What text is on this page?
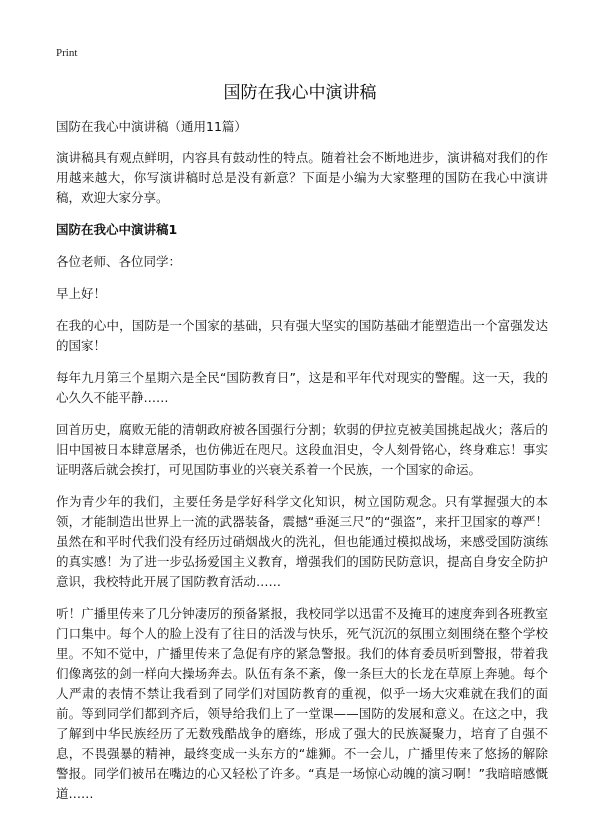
Print
国防在我心中演讲稿

国防在我心中演讲稿（通用11篇）

演讲稿具有观点鲜明，内容具有鼓动性的特点。随着社会不断地进步，演讲稿对我们的作用越来越大，你写演讲稿时总是没有新意？下面是小编为大家整理的国防在我心中演讲稿，欢迎大家分享。

国防在我心中演讲稿1

各位老师、各位同学：

早上好！

在我的心中，国防是一个国家的基础，只有强大坚实的国防基础才能塑造出一个富强发达的国家！

每年九月第三个星期六是全民“国防教育日”，这是和平年代对现实的警醒。这一天，我的心久久不能平静……

回首历史，腐败无能的清朝政府被各国强行分割；软弱的伊拉克被美国挑起战火；落后的旧中国被日本肆意屠杀，也仿佛近在咫尺。这段血泪史，令人刻骨铭心，终身难忘！事实证明落后就会挨打，可见国防事业的兴衰关系着一个民族，一个国家的命运。

作为青少年的我们，主要任务是学好科学文化知识，树立国防观念。只有掌握强大的本领，才能制造出世界上一流的武器装备，震撼“垂涎三尺”的“强盗”，来扞卫国家的尊严！虽然在和平时代我们没有经历过硝烟战火的洗礼，但也能通过模拟战场，来感受国防演练的真实感！为了进一步弘扬爱国主义教育，增强我们的国防民防意识，提高自身安全防护意识，我校特此开展了国防教育活动……

听！广播里传来了几分钟凄厉的预备紧报，我校同学以迅雷不及掩耳的速度奔到各班教室门口集中。每个人的脸上没有了往日的活泼与快乐，死气沉沉的氛围立刻围绕在整个学校里。不知不觉中，广播里传来了急促有序的紧急警报。我们的体育委员听到警报，带着我们像离弦的剑一样向大操场奔去。队伍有条不紊，像一条巨大的长龙在草原上奔驰。每个人严肃的表情不禁让我看到了同学们对国防教育的重视，似乎一场大灾难就在我们的面前。等到同学们都到齐后，领导给我们上了一堂课——国防的发展和意义。在这之中，我了解到中华民族经历了无数残酷战争的磨练，形成了强大的民族凝聚力，培育了自强不息，不畏强暴的精神，最终变成一头东方的“雄狮。不一会儿，广播里传来了悠扬的解除警报。同学们被吊在嘴边的心又轻松了许多。“真是一场惊心动魄的演习啊！”我暗暗感慨道……
